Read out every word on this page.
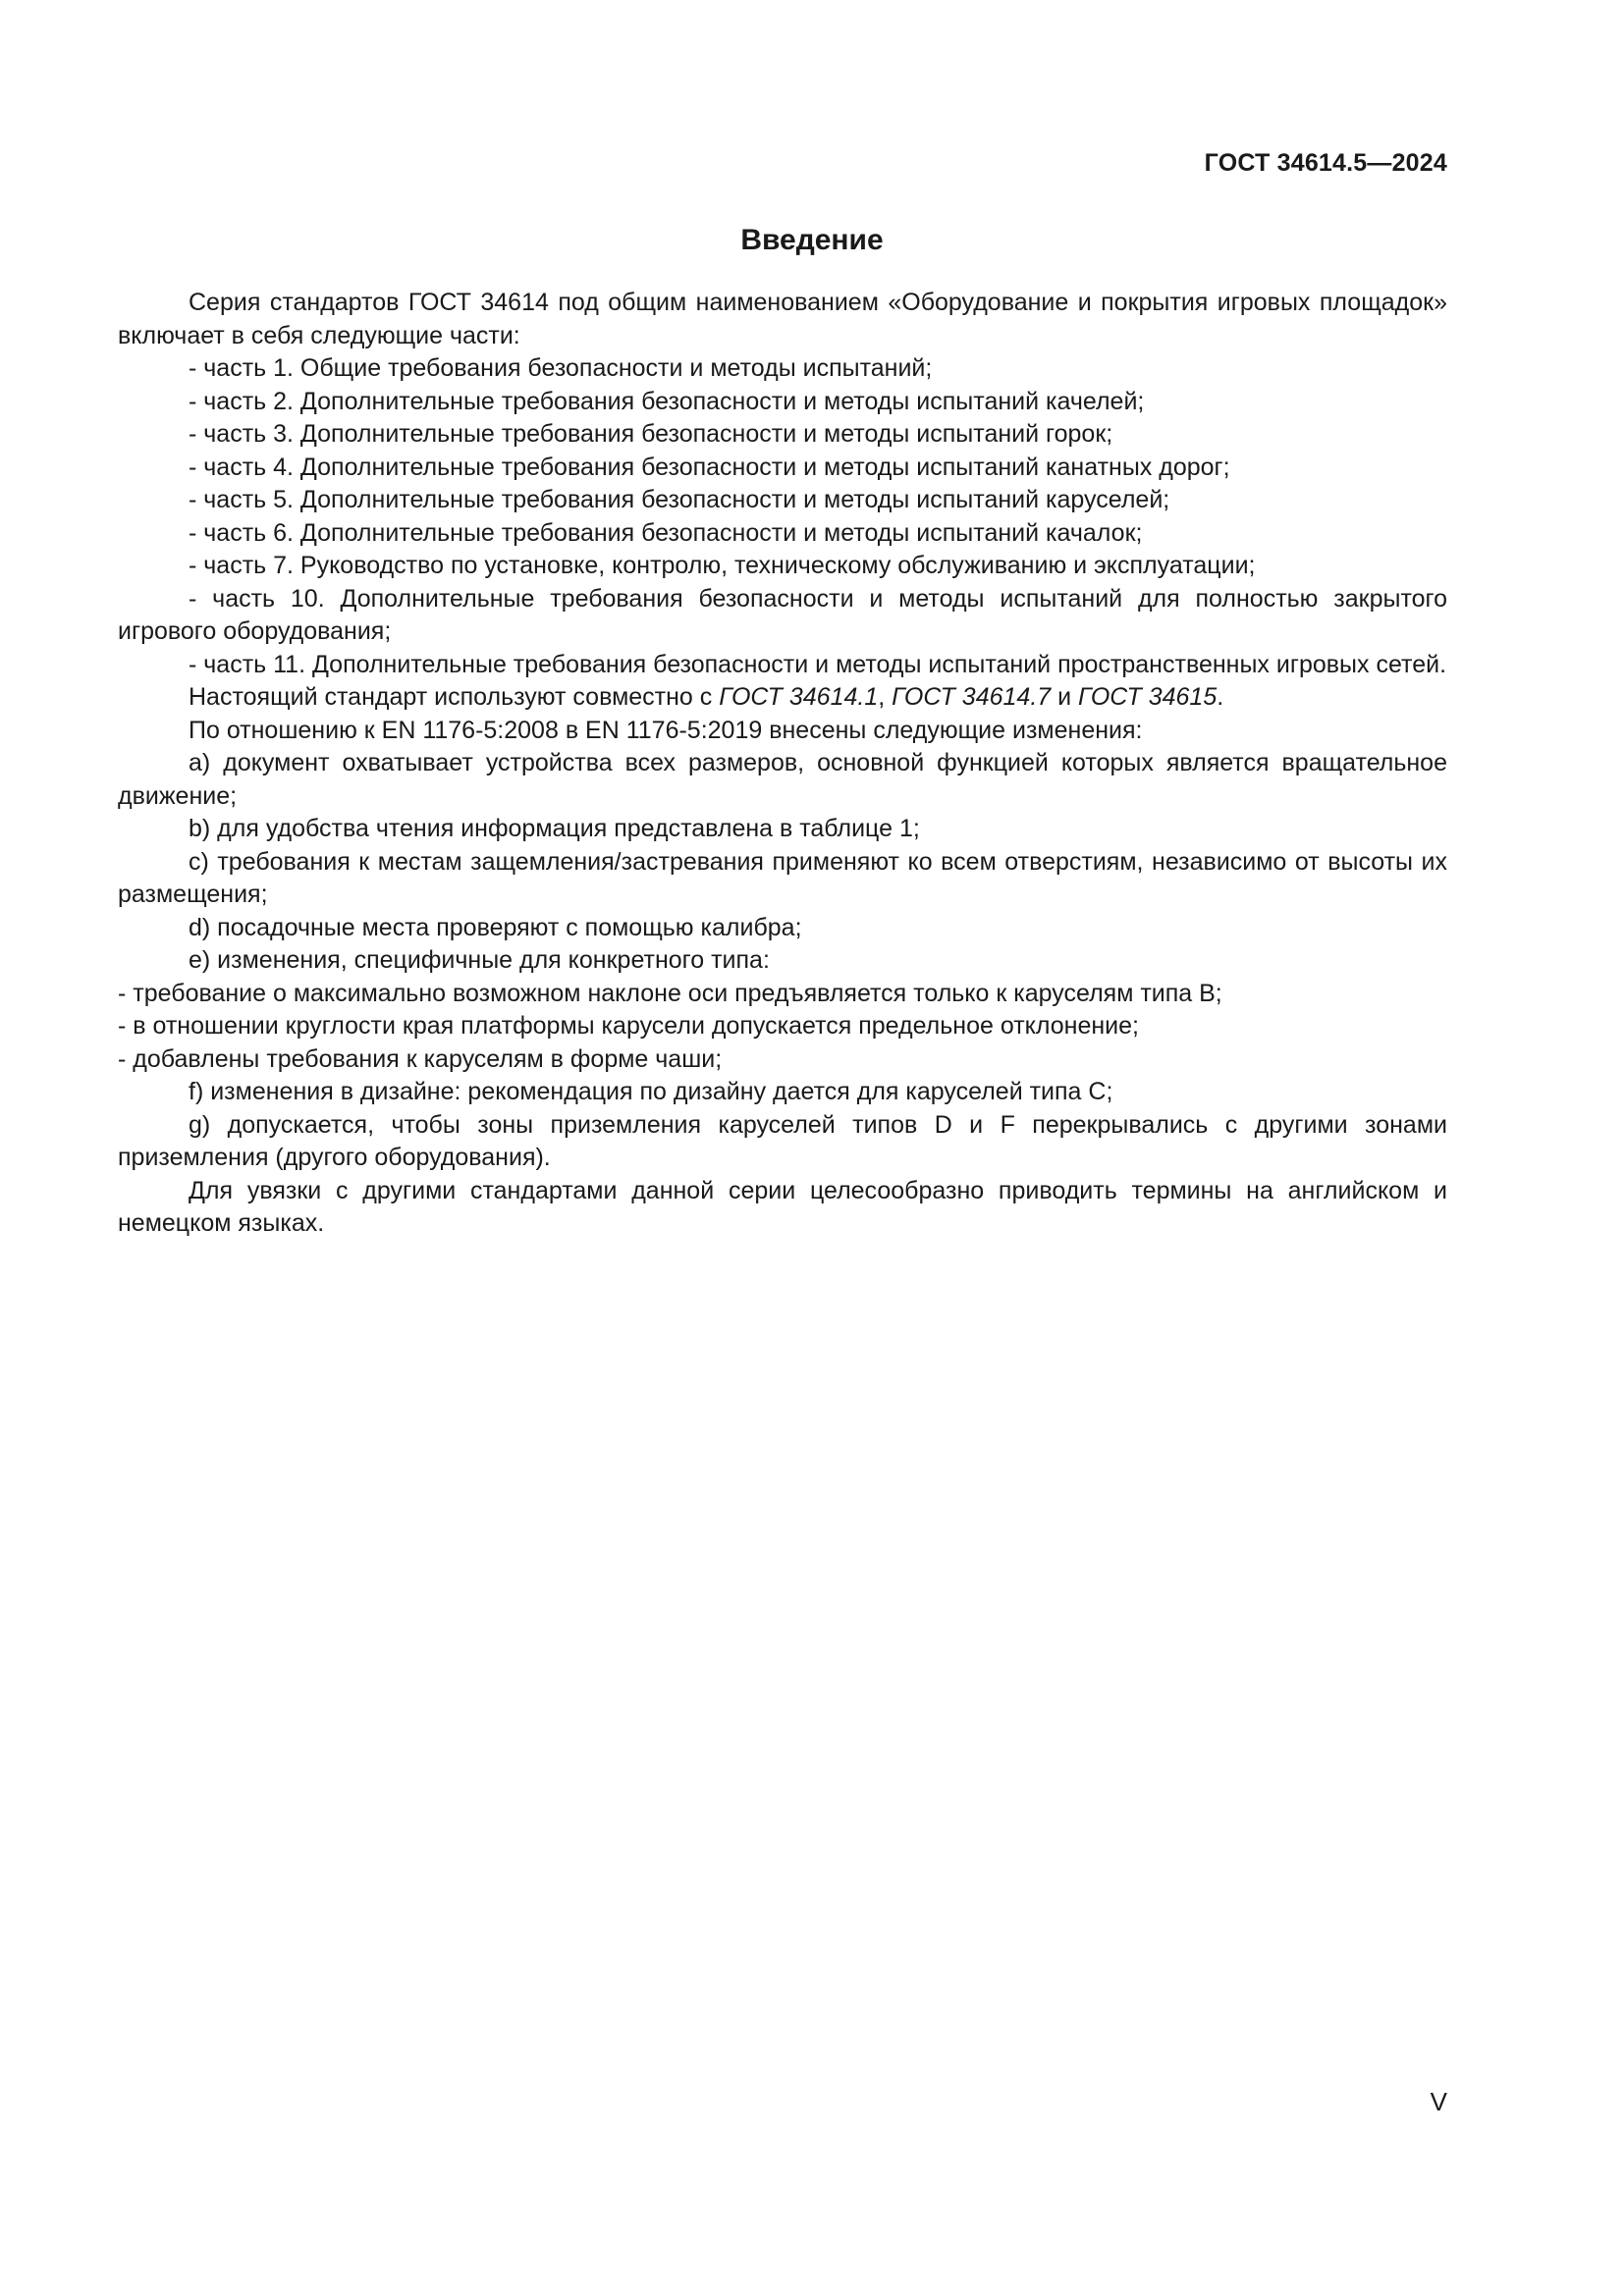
ГОСТ 34614.5—2024
Введение

Серия стандартов ГОСТ 34614 под общим наименованием «Оборудование и покрытия игровых площадок» включает в себя следующие части:

- часть 1. Общие требования безопасности и методы испытаний;

- часть 2. Дополнительные требования безопасности и методы испытаний качелей;

- часть 3. Дополнительные требования безопасности и методы испытаний горок;

- часть 4. Дополнительные требования безопасности и методы испытаний канатных дорог;

- часть 5. Дополнительные требования безопасности и методы испытаний каруселей;

- часть 6. Дополнительные требования безопасности и методы испытаний качалок;

- часть 7. Руководство по установке, контролю, техническому обслуживанию и эксплуатации;

- часть 10. Дополнительные требования безопасности и методы испытаний для полностью закрытого игрового оборудования;

- часть 11. Дополнительные требования безопасности и методы испытаний пространственных игровых сетей.

Настоящий стандарт используют совместно с ГОСТ 34614.1, ГОСТ 34614.7 и ГОСТ 34615.

По отношению к EN 1176-5:2008 в EN 1176-5:2019 внесены следующие изменения:

а) документ охватывает устройства всех размеров, основной функцией которых является вращательное движение;

b) для удобства чтения информация представлена в таблице 1;

c) требования к местам защемления/застревания применяют ко всем отверстиям, независимо от высоты их размещения;

d) посадочные места проверяют с помощью калибра;

e) изменения, специфичные для конкретного типа:

- требование о максимально возможном наклоне оси предъявляется только к каруселям типа В;

- в отношении круглости края платформы карусели допускается предельное отклонение;

- добавлены требования к каруселям в форме чаши;

f) изменения в дизайне: рекомендация по дизайну дается для каруселей типа С;

g) допускается, чтобы зоны приземления каруселей типов D и F перекрывались с другими зонами приземления (другого оборудования).

Для увязки с другими стандартами данной серии целесообразно приводить термины на английском и немецком языках.

V
